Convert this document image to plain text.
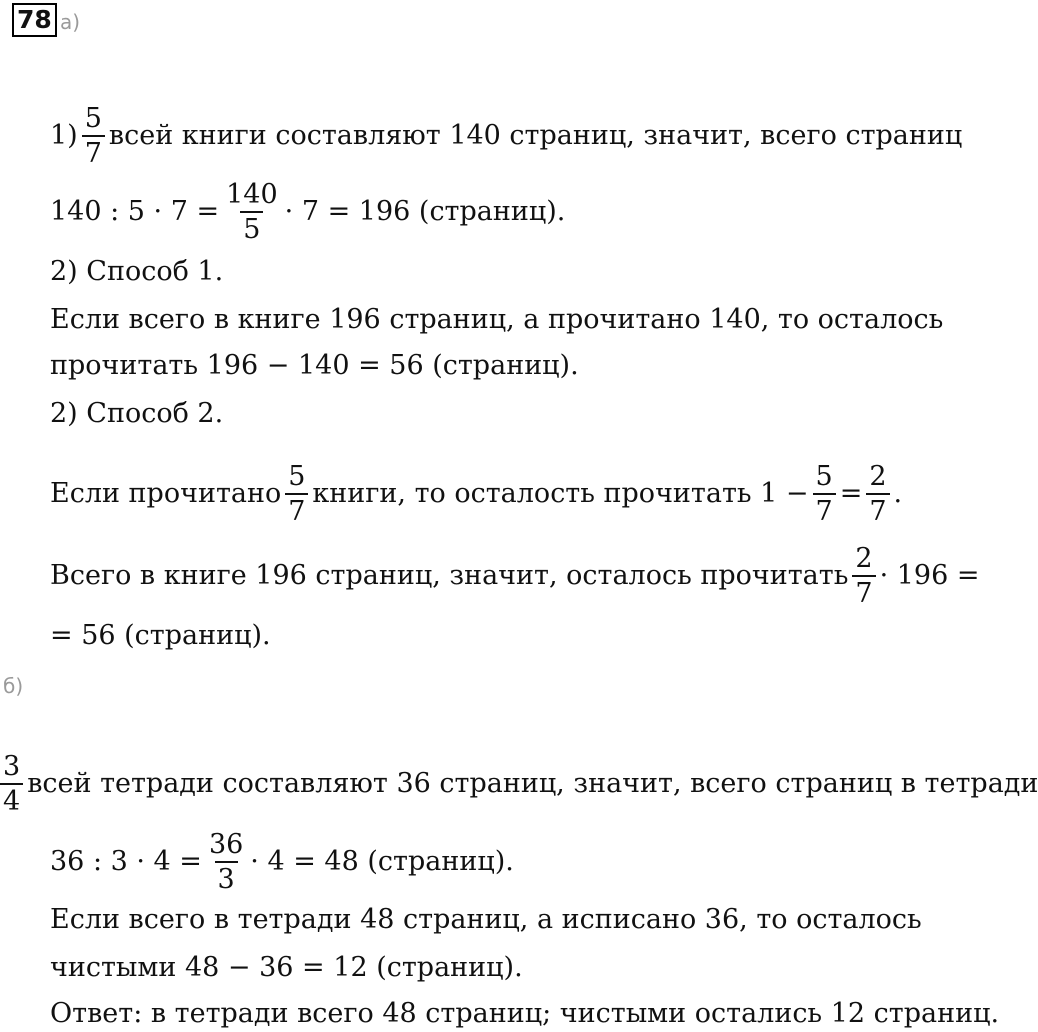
78 а)
$1) \frac{5}{7}$ всей книги составляют 140 страниц, значит, всего страниц
140 : $5 \cdot 7 = \frac{140}{5} \cdot 7 = 196$ (страниц).
2) Способ 1.
Если всего в книге 196 страниц, а прочитано 140, то осталось
прочитать 196 − 140 = 56 (страниц).
2) Способ 2.
Если прочитано $\frac{5}{7}$ книги, то осталость прочитать $1 - \frac{5}{7} = \frac{2}{7}$ .
Всего в книге 196 страниц, значит, осталось прочитать $\frac{2}{7} \cdot 196$ =
= 56 (страниц).
б)
$\frac{3}{4}$ всей тетради составляют 36 страниц, значит, всего страниц в тетради
36 : $3 \cdot 4 = \frac{36}{3} \cdot 4 = 48$ (страниц).
Если всего в тетради 48 страниц, а исписано 36, то осталось
чистыми 48 − 36 = 12 (страниц).
Ответ: в тетради всего 48 страниц; чистыми остались 12 страниц.
